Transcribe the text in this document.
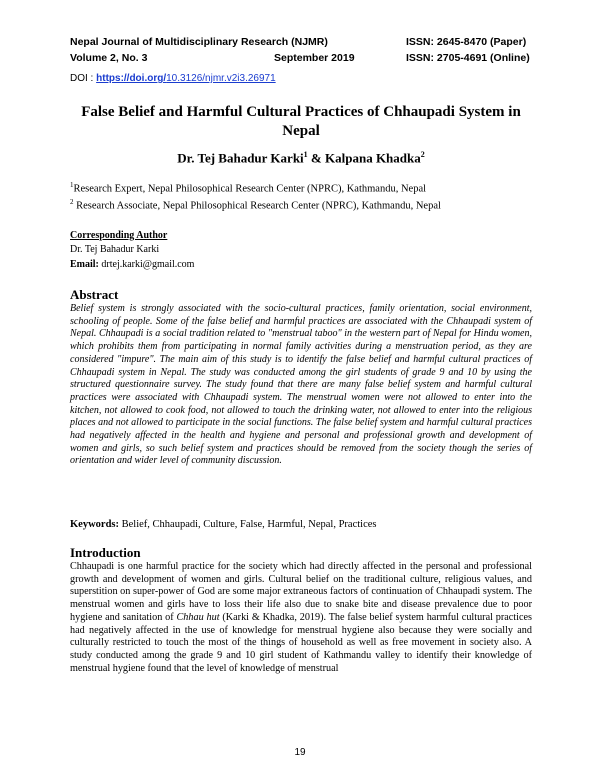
Nepal Journal of Multidisciplinary Research (NJMR)	ISSN: 2645-8470 (Paper)
Volume 2, No. 3	September 2019	ISSN: 2705-4691 (Online)
DOI : https://doi.org/10.3126/njmr.v2i3.26971
False Belief and Harmful Cultural Practices of Chhaupadi System in Nepal
Dr. Tej Bahadur Karki$^1$ & Kalpana Khadka$^2$
$^1$Research Expert, Nepal Philosophical Research Center (NPRC), Kathmandu, Nepal
$^2$ Research Associate, Nepal Philosophical Research Center (NPRC), Kathmandu, Nepal
Corresponding Author
Dr. Tej Bahadur Karki
Email: drtej.karki@gmail.com
Abstract

Belief system is strongly associated with the socio-cultural practices, family orientation, social environment, schooling of people. Some of the false belief and harmful practices are associated with the Chhaupadi system of Nepal. Chhaupadi is a social tradition related to "menstrual taboo" in the western part of Nepal for Hindu women, which prohibits them from participating in normal family activities during a menstruation period, as they are considered "impure". The main aim of this study is to identify the false belief and harmful cultural practices of Chhaupadi system in Nepal. The study was conducted among the girl students of grade 9 and 10 by using the structured questionnaire survey. The study found that there are many false belief system and harmful cultural practices were associated with Chhaupadi system. The menstrual women were not allowed to enter into the kitchen, not allowed to cook food, not allowed to touch the drinking water, not allowed to enter into the religious places and not allowed to participate in the social functions. The false belief system and harmful cultural practices had negatively affected in the health and hygiene and personal and professional growth and development of women and girls, so such belief system and practices should be removed from the society though the series of orientation and wider level of community discussion.

Keywords: Belief, Chhaupadi, Culture, False, Harmful, Nepal, Practices
Introduction

Chhaupadi is one harmful practice for the society which had directly affected in the personal and professional growth and development of women and girls. Cultural belief on the traditional culture, religious values, and superstition on super-power of God are some major extraneous factors of continuation of Chhaupadi system. The menstrual women and girls have to loss their life also due to snake bite and disease prevalence due to poor hygiene and sanitation of Chhau hut (Karki & Khadka, 2019). The false belief system harmful cultural practices had negatively affected in the use of knowledge for menstrual hygiene also because they were socially and culturally restricted to touch the most of the things of household as well as free movement in society also. A study conducted among the grade 9 and 10 girl student of Kathmandu valley to identify their knowledge of menstrual hygiene found that the level of knowledge of menstrual

19
